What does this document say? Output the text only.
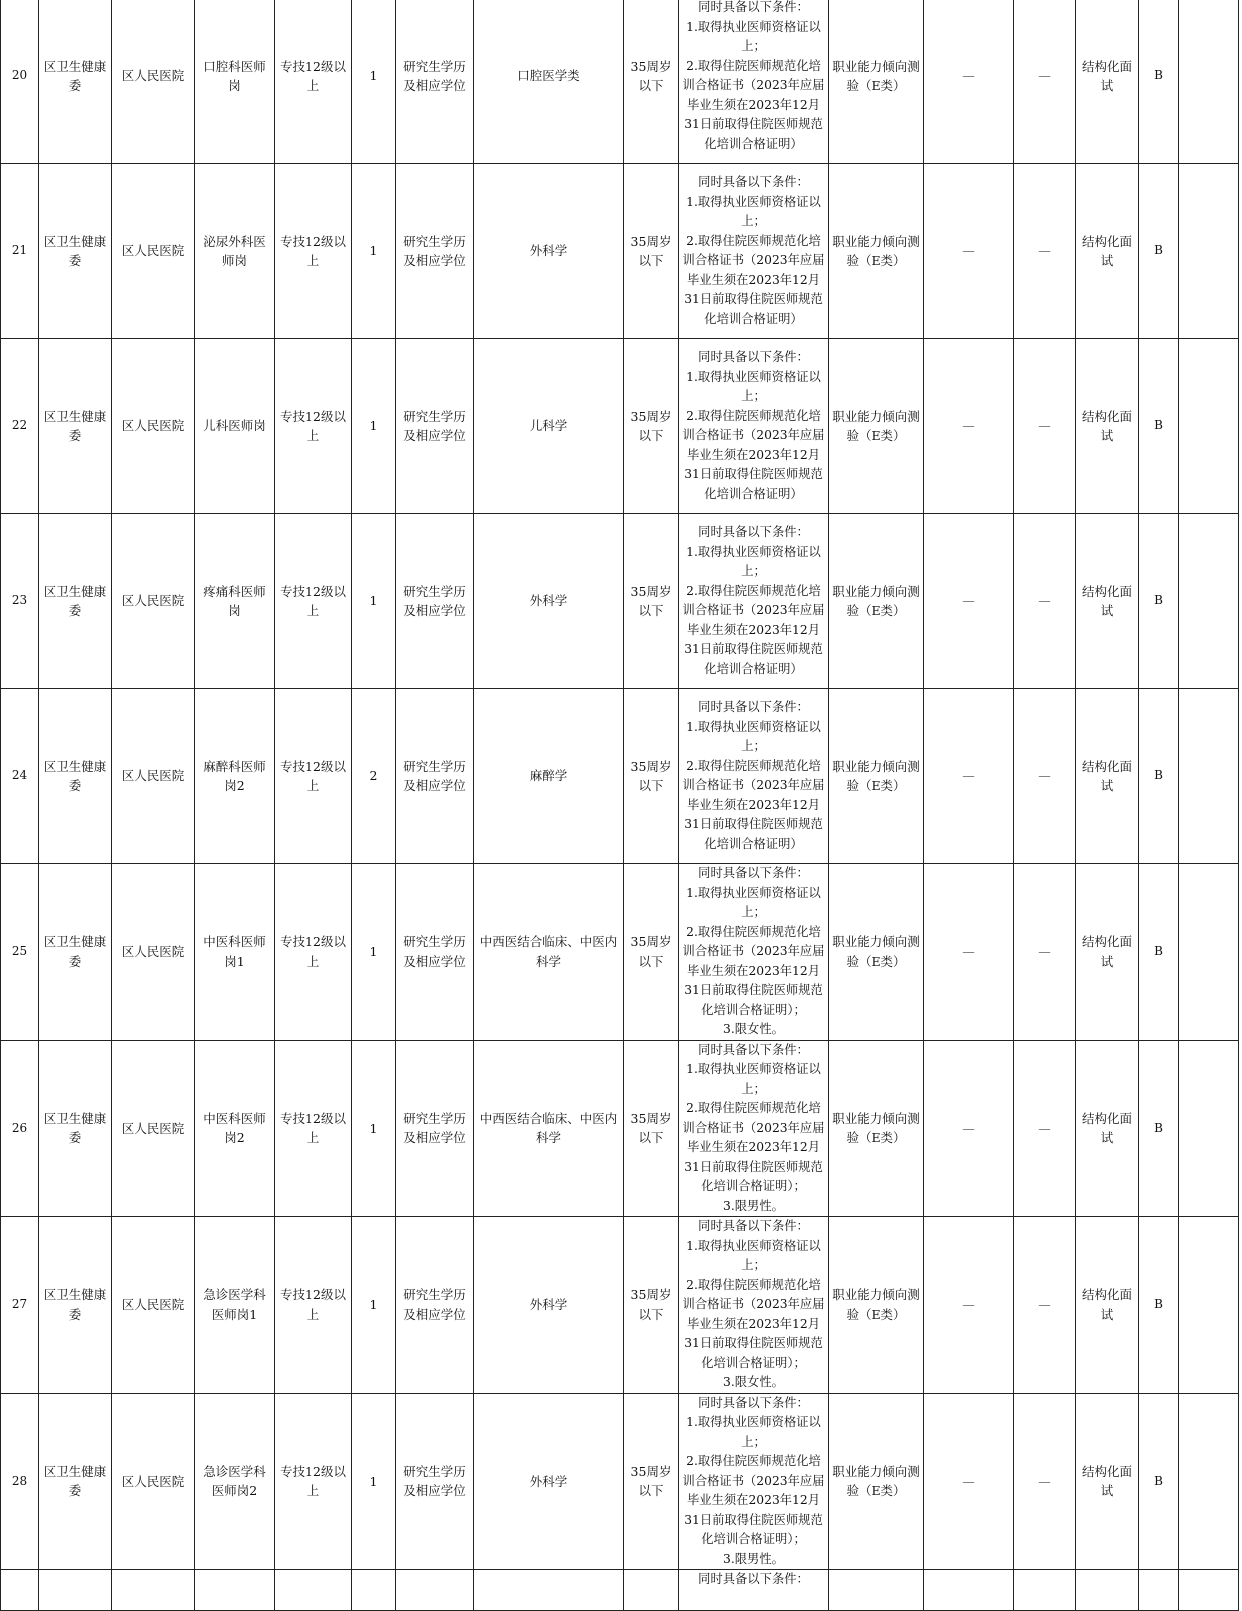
20	区卫生健康委	区人民医院	口腔科医师岗	专技12级以上	1	研究生学历及相应学位	口腔医学类	35周岁以下	同时具备以下条件：
1.取得执业医师资格证以上；
2.取得住院医师规范化培训合格证书（2023年应届毕业生须在2023年12月31日前取得住院医师规范化培训合格证明）	职业能力倾向测验（E类）	—	—	结构化面试	B	
21	区卫生健康委	区人民医院	泌尿外科医师岗	专技12级以上	1	研究生学历及相应学位	外科学	35周岁以下	同时具备以下条件：
1.取得执业医师资格证以上；
2.取得住院医师规范化培训合格证书（2023年应届毕业生须在2023年12月31日前取得住院医师规范化培训合格证明）	职业能力倾向测验（E类）	—	—	结构化面试	B	
22	区卫生健康委	区人民医院	儿科医师岗	专技12级以上	1	研究生学历及相应学位	儿科学	35周岁以下	同时具备以下条件：
1.取得执业医师资格证以上；
2.取得住院医师规范化培训合格证书（2023年应届毕业生须在2023年12月31日前取得住院医师规范化培训合格证明）	职业能力倾向测验（E类）	—	—	结构化面试	B	
23	区卫生健康委	区人民医院	疼痛科医师岗	专技12级以上	1	研究生学历及相应学位	外科学	35周岁以下	同时具备以下条件：
1.取得执业医师资格证以上；
2.取得住院医师规范化培训合格证书（2023年应届毕业生须在2023年12月31日前取得住院医师规范化培训合格证明）	职业能力倾向测验（E类）	—	—	结构化面试	B	
24	区卫生健康委	区人民医院	麻醉科医师岗2	专技12级以上	2	研究生学历及相应学位	麻醉学	35周岁以下	同时具备以下条件：
1.取得执业医师资格证以上；
2.取得住院医师规范化培训合格证书（2023年应届毕业生须在2023年12月31日前取得住院医师规范化培训合格证明）	职业能力倾向测验（E类）	—	—	结构化面试	B	
25	区卫生健康委	区人民医院	中医科医师岗1	专技12级以上	1	研究生学历及相应学位	中西医结合临床、中医内科学	35周岁以下	同时具备以下条件：
1.取得执业医师资格证以上；
2.取得住院医师规范化培训合格证书（2023年应届毕业生须在2023年12月31日前取得住院医师规范化培训合格证明）；
3.限女性。	职业能力倾向测验（E类）	—	—	结构化面试	B	
26	区卫生健康委	区人民医院	中医科医师岗2	专技12级以上	1	研究生学历及相应学位	中西医结合临床、中医内科学	35周岁以下	同时具备以下条件：
1.取得执业医师资格证以上；
2.取得住院医师规范化培训合格证书（2023年应届毕业生须在2023年12月31日前取得住院医师规范化培训合格证明）；
3.限男性。	职业能力倾向测验（E类）	—	—	结构化面试	B	
27	区卫生健康委	区人民医院	急诊医学科医师岗1	专技12级以上	1	研究生学历及相应学位	外科学	35周岁以下	同时具备以下条件：
1.取得执业医师资格证以上；
2.取得住院医师规范化培训合格证书（2023年应届毕业生须在2023年12月31日前取得住院医师规范化培训合格证明）；
3.限女性。	职业能力倾向测验（E类）	—	—	结构化面试	B	
28	区卫生健康委	区人民医院	急诊医学科医师岗2	专技12级以上	1	研究生学历及相应学位	外科学	35周岁以下	同时具备以下条件：
1.取得执业医师资格证以上；
2.取得住院医师规范化培训合格证书（2023年应届毕业生须在2023年12月31日前取得住院医师规范化培训合格证明）；
3.限男性。	职业能力倾向测验（E类）	—	—	结构化面试	B	
									同时具备以下条件：						
